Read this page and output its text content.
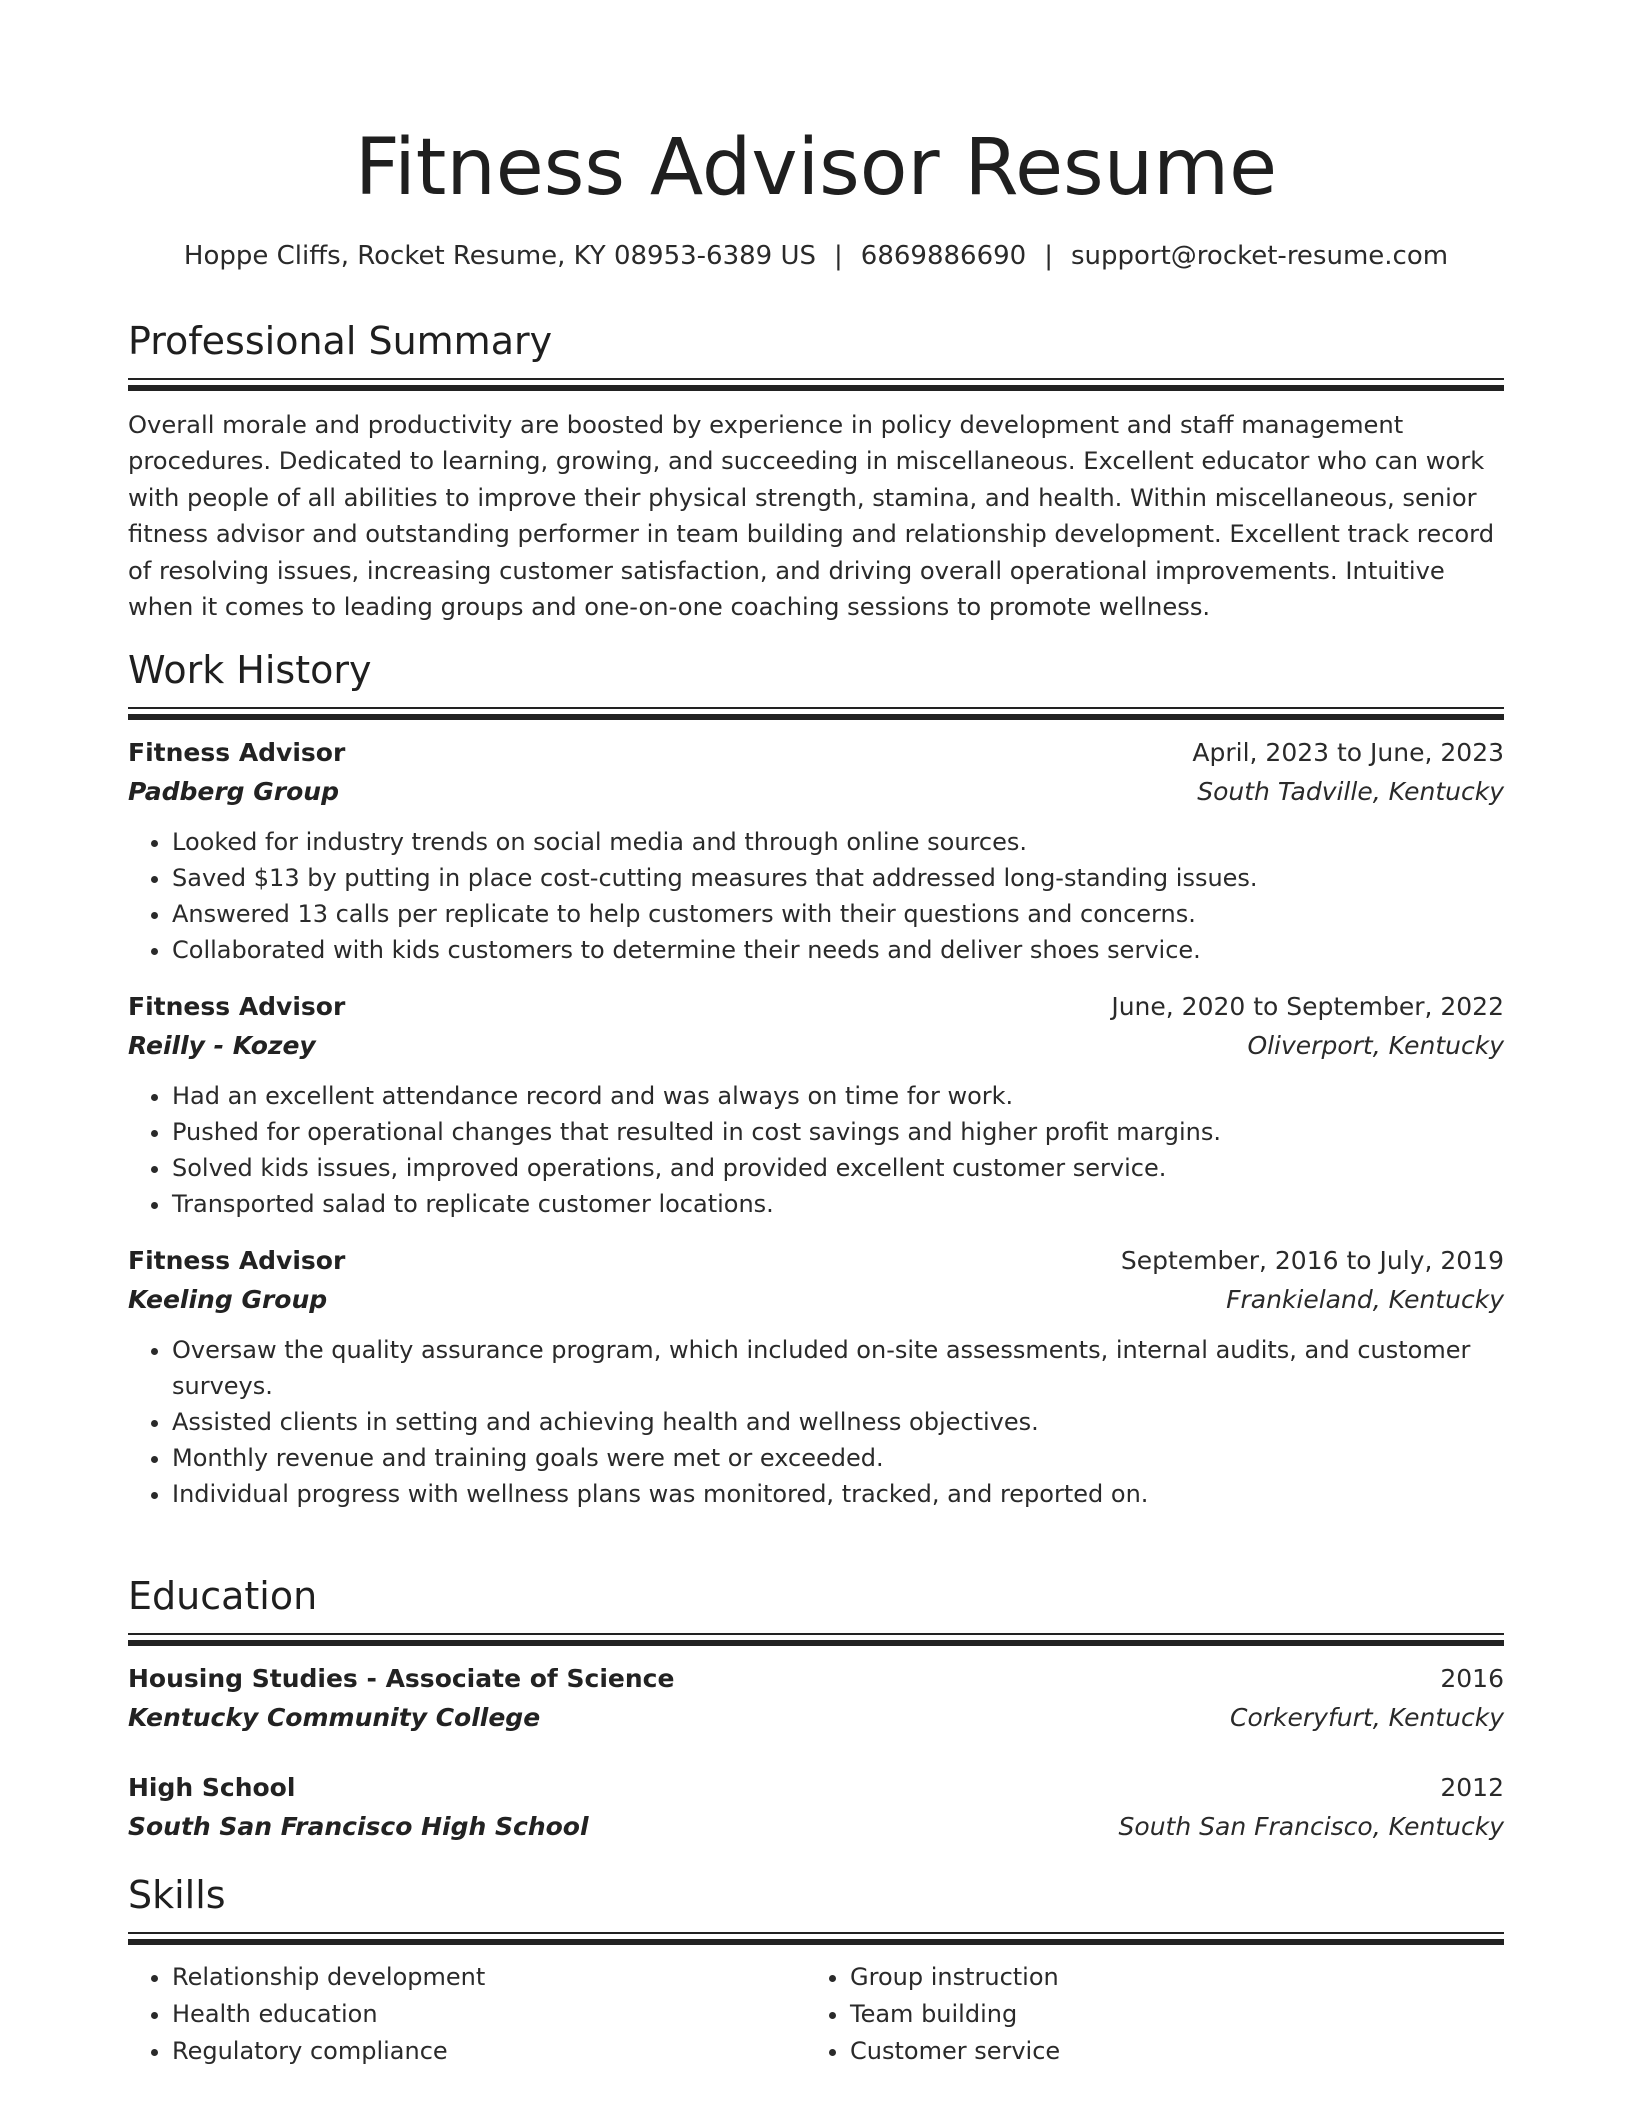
Fitness Advisor Resume
Hoppe Cliffs, Rocket Resume, KY 08953-6389 US | 6869886690 | support@rocket-resume.com
Professional Summary

Overall morale and productivity are boosted by experience in policy development and staff management procedures. Dedicated to learning, growing, and succeeding in miscellaneous. Excellent educator who can work with people of all abilities to improve their physical strength, stamina, and health. Within miscellaneous, senior fitness advisor and outstanding performer in team building and relationship development. Excellent track record of resolving issues, increasing customer satisfaction, and driving overall operational improvements. Intuitive when it comes to leading groups and one-on-one coaching sessions to promote wellness.

Work History
Fitness Advisor	April, 2023 to June, 2023
Padberg Group	South Tadville, Kentucky
• Looked for industry trends on social media and through online sources.
• Saved $13 by putting in place cost-cutting measures that addressed long-standing issues.
• Answered 13 calls per replicate to help customers with their questions and concerns.
• Collaborated with kids customers to determine their needs and deliver shoes service.
Fitness Advisor	June, 2020 to September, 2022
Reilly - Kozey	Oliverport, Kentucky
• Had an excellent attendance record and was always on time for work.
• Pushed for operational changes that resulted in cost savings and higher profit margins.
• Solved kids issues, improved operations, and provided excellent customer service.
• Transported salad to replicate customer locations.
Fitness Advisor	September, 2016 to July, 2019
Keeling Group	Frankieland, Kentucky
• Oversaw the quality assurance program, which included on-site assessments, internal audits, and customer surveys.
• Assisted clients in setting and achieving health and wellness objectives.
• Monthly revenue and training goals were met or exceeded.
• Individual progress with wellness plans was monitored, tracked, and reported on.
Education
Housing Studies - Associate of Science	2016
Kentucky Community College	Corkeryfurt, Kentucky
High School	2012
South San Francisco High School	South San Francisco, Kentucky
Skills
• Relationship development
• Health education
• Regulatory compliance
• Group instruction
• Team building
• Customer service
